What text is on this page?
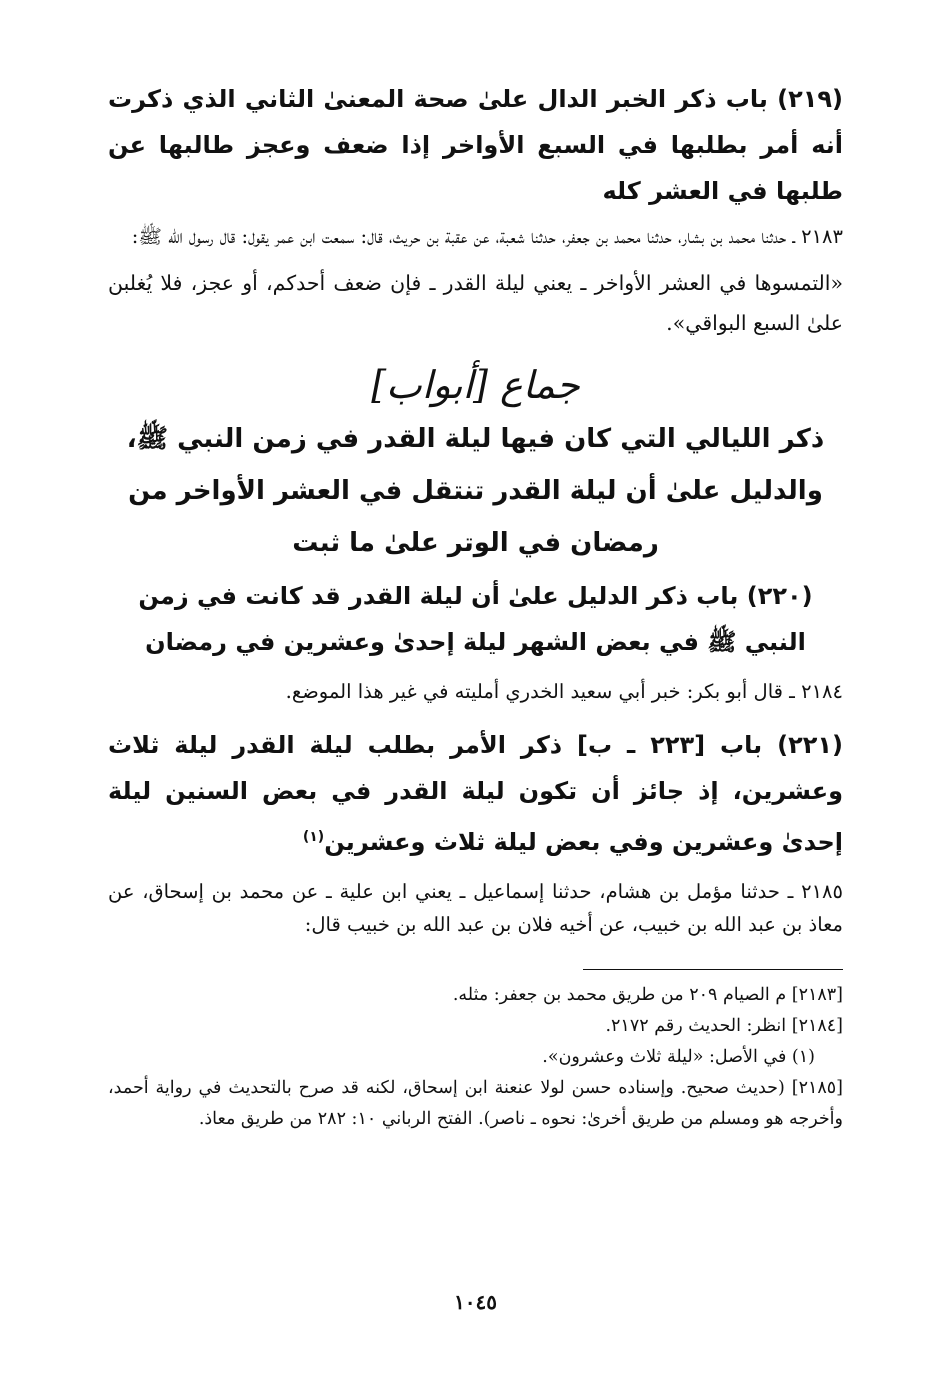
(٢١٩) باب ذكر الخبر الدال علىٰ صحة المعنىٰ الثاني الذي ذكرت أنه أمر بطلبها في السبع الأواخر إذا ضعف وعجز طالبها عن طلبها في العشر كله

٢١٨٣ ـ حدثنا محمد بن بشار، حدثنا محمد بن جعفر، حدثنا شعبة، عن عقبة بن حريث، قال: سمعت ابن عمر يقول: قال رسول الله ﷺ:

«التمسوها في العشر الأواخر ـ يعني ليلة القدر ـ فإن ضعف أحدكم، أو عجز، فلا يُغلبن علىٰ السبع البواقي».

جماع [أبواب]

ذكر الليالي التي كان فيها ليلة القدر في زمن النبي ﷺ، والدليل علىٰ أن ليلة القدر تنتقل في العشر الأواخر من رمضان في الوتر علىٰ ما ثبت

(٢٢٠) باب ذكر الدليل علىٰ أن ليلة القدر قد كانت في زمن النبي ﷺ في بعض الشهر ليلة إحدىٰ وعشرين في رمضان

٢١٨٤ ـ قال أبو بكر: خبر أبي سعيد الخدري أمليته في غير هذا الموضع.

(٢٢١) باب [٢٢٣ ـ ب] ذكر الأمر بطلب ليلة القدر ليلة ثلاث وعشرين، إذ جائز أن تكون ليلة القدر في بعض السنين ليلة إحدىٰ وعشرين وفي بعض ليلة ثلاث وعشرين$^{(١)}$

٢١٨٥ ـ حدثنا مؤمل بن هشام، حدثنا إسماعيل ـ يعني ابن علية ـ عن محمد بن إسحاق، عن معاذ بن عبد الله بن خبيب، عن أخيه فلان بن عبد الله بن خبيب قال:

[٢١٨٣] م الصيام ٢٠٩ من طريق محمد بن جعفر: مثله.

[٢١٨٤] انظر: الحديث رقم ٢١٧٢.

(١) في الأصل: «ليلة ثلاث وعشرون».

[٢١٨٥] (حديث صحيح. وإسناده حسن لولا عنعنة ابن إسحاق، لكنه قد صرح بالتحديث في رواية أحمد، وأخرجه هو ومسلم من طريق أخرىٰ: نحوه ـ ناصر). الفتح الرباني ١٠: ٢٨٢ من طريق معاذ.

١٠٤٥
